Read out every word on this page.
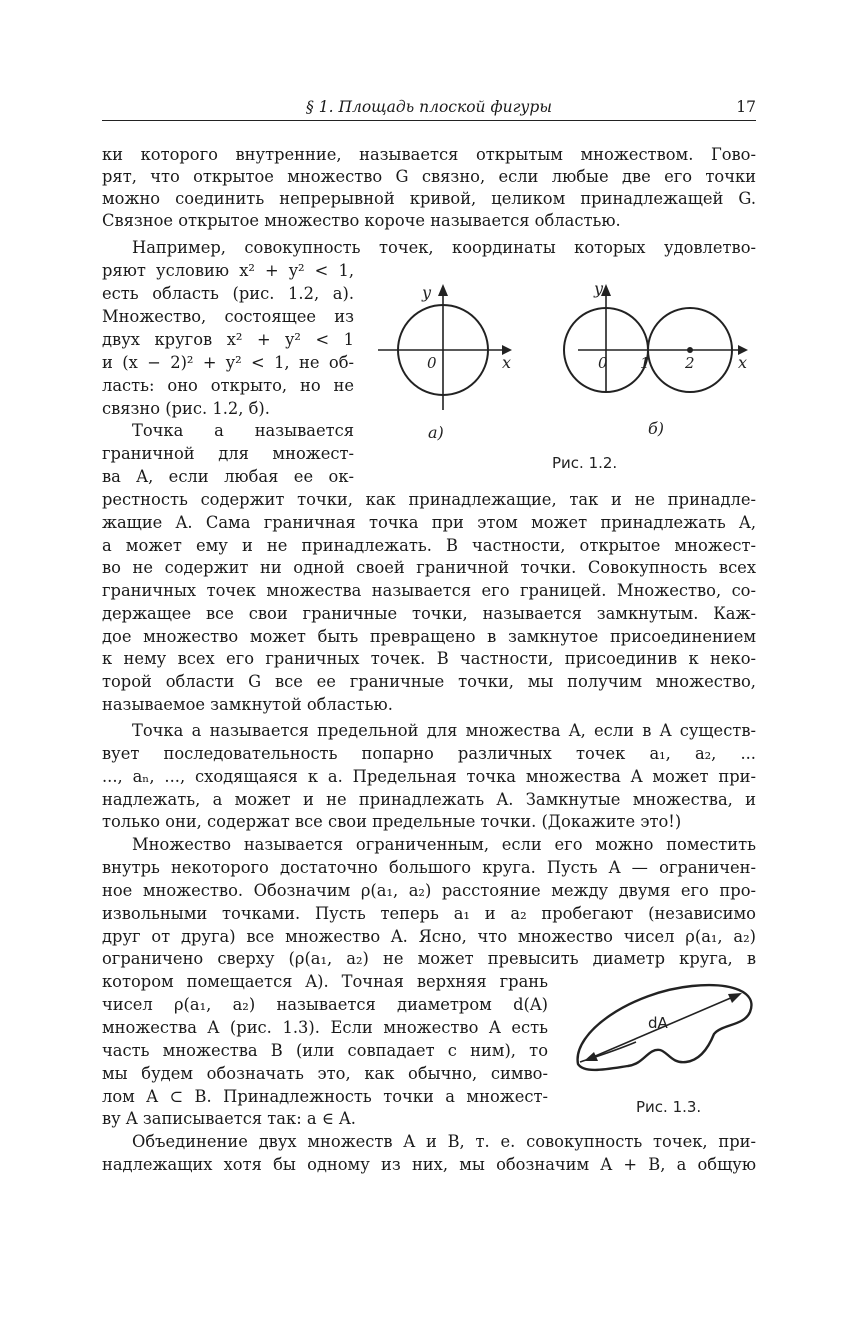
§ 1. Площадь плоской фигуры	17
ки которого внутренние, называется открытым множеством. Гово-
рят, что открытое множество G связно, если любые две его точки
можно соединить непрерывной кривой, целиком принадлежащей G.
Связное открытое множество короче называется областью.
Например, совокупность точек, координаты которых удовлетво-
ряют условию x² + y² < 1,
есть область (рис. 1.2, а).
Множество, состоящее из
двух кругов x² + y² < 1
и (x − 2)² + y² < 1, не об-
ласть: оно открыто, но не
связно (рис. 1.2, б).
Точка a называется
граничной для множест-
ва A, если любая ее ок-
рестность содержит точки, как принадлежащие, так и не принадле-
жащие A. Сама граничная точка при этом может принадлежать A,
а может ему и не принадлежать. В частности, открытое множест-
во не содержит ни одной своей граничной точки. Совокупность всех
граничных точек множества называется его границей. Множество, со-
держащее все свои граничные точки, называется замкнутым. Каж-
дое множество может быть превращено в замкнутое присоединением
к нему всех его граничных точек. В частности, присоединив к неко-
торой области G все ее граничные точки, мы получим множество,
называемое замкнутой областью.
Точка a называется предельной для множества A, если в A существ-
вует последовательность попарно различных точек a₁, a₂, ...
..., aₙ, ..., сходящаяся к a. Предельная точка множества A может при-
надлежать, а может и не принадлежать A. Замкнутые множества, и
только они, содержат все свои предельные точки. (Докажите это!)
Множество называется ограниченным, если его можно поместить
внутрь некоторого достаточно большого круга. Пусть A — ограничен-
ное множество. Обозначим ρ(a₁, a₂) расстояние между двумя его про-
извольными точками. Пусть теперь a₁ и a₂ пробегают (независимо
друг от друга) все множество A. Ясно, что множество чисел ρ(a₁, a₂)
ограничено сверху (ρ(a₁, a₂) не может превысить диаметр круга, в
котором помещается A). Точная верхняя грань
чисел ρ(a₁, a₂) называется диаметром d(A)
множества A (рис. 1.3). Если множество A есть
часть множества B (или совпадает с ним), то
мы будем обозначать это, как обычно, симво-
лом A ⊂ B. Принадлежность точки a множест-
ву A записывается так: a ∈ A.
Объединение двух множеств A и B, т. е. совокупность точек, при-
надлежащих хотя бы одному из них, мы обозначим A + B, а общую
y
x
0
а)
y
x
0 1 2
б)
Рис. 1.2.
dA
Рис. 1.3.
